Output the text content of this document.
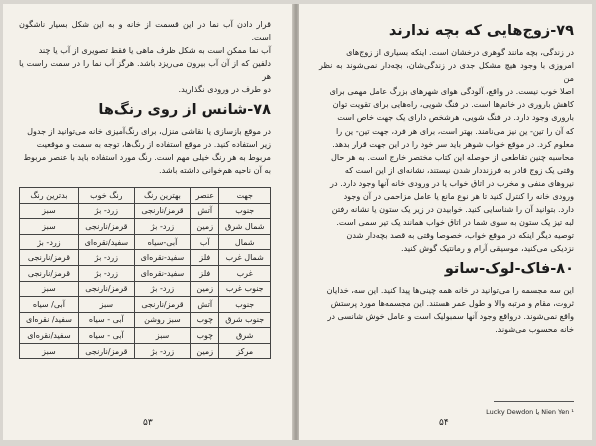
قرار دادن آب نما در این قسمت از خانه و به این شکل بسیار ناشگون است.
آب نما ممکن است به شکل ظرف ماهی یا فقط تصویری از آب یا چند
دلفین که از آن آب بیرون می‌ریزد باشد. هرگز آب نما را در سمت راست یا هر
دو طرف در ورودی نگذارید.

۷۸-شانس از روی رنگ‌ها

در موقع بازسازی یا نقاشی منزل، برای رنگ‌آمیزی خانه می‌توانید از جدول
زیر استفاده کنید. در موقع استفاده از رنگ‌ها، توجه به سمت و موقعیت
مربوط به هر رنگ خیلی مهم است. رنگ مورد استفاده باید با عنصر مربوط
به آن ناحیه هم‌خوانی داشته باشد.

جهت	عنصر	بهترین رنگ	رنگ خوب	بدترین رنگ
جنوب	آتش	قرمز/نارنجی	زرد- بژ	سبز
شمال شرق	زمین	زرد- بژ	قرمز/نارنجی	سبز
شمال	آب	آبی-سیاه	سفید/نقره‌ای	زرد- بژ
شمال غرب	فلز	سفید-نقره‌ای	زرد- بژ	قرمز/نارنجی
غرب	فلز	سفید-نقره‌ای	زرد- بژ	قرمز/نارنجی
جنوب غرب	زمین	زرد- بژ	قرمز/نارنجی	سبز
جنوب	آتش	قرمز/نارنجی	سبز	آبی/ سیاه
جنوب شرق	چوب	سبز روشن	آبی - سیاه	سفید/ نقره‌ای
شرق	چوب	سبز	آبی - سیاه	سفید/نقره‌ای
مرکز	زمین	زرد- بژ	قرمز/نارنجی	سبز
۵۳
۷۹-زوج‌هایی که بچه ندارند

در زندگی، بچه مانند گوهری درخشان است. اینکه بسیاری از زوج‌های
امروزی با وجود هیچ مشکل جدی در زندگی‌شان، بچه‌دار نمی‌شوند به نظر من
اصلا خوب نیست. در واقع، آلودگی هوای شهرهای بزرگ عامل مهمی برای
کاهش باروری در خانم‌ها است. در فنگ شویی، راه‌هایی برای تقویت توان
باروری وجود دارد. در فنگ شویی، هرشخص دارای یک جهت خاص است
که آن را تین- ین نیز می‌نامند. بهتر است، برای هر فرد، جهت تین- ین را
معلوم کرد. در موقع خواب شوهر باید سر خود را در این جهت قرار بدهد.
محاسبه چنین تقاطعی از حوصله این کتاب مختصر خارج است. به هر حال
وقتی یک زوج قادر به فرزنددار شدن نیستند، نشانه‌ای از این است که
نیروهای منفی و مخرب در اتاق خواب یا در ورودی خانه آنها وجود دارد. در
ورودی خانه را کنترل کنید تا هر نوع مانع یا عامل مزاحمی در آن وجود
دارد. بتوانید آن را شناسایی کنید. خوابیدن در زیر یک ستون یا نشانه رفتن
لبه تیز یک ستون به سوی شما در اتاق خواب همانند یک تیر سمی است.
توصیه دیگر اینکه در موقع خواب، خصوصا وقتی به قصد بچه‌دار شدن
نزدیکی می‌کنید، موسیقی آرام و رمانتیک گوش کنید.

۸۰-فاک-لوک-ساتو

این سه مجسمه را می‌توانید در خانه همه چینی‌ها پیدا کنید. این سه، خدایان
ثروت، مقام و مرتبه والا و طول عمر هستند. این مجسمه‌ها مورد پرستش
واقع نمی‌شوند. درواقع وجود آنها سمبولیک است و عامل خوش شانسی در
خانه محسوب می‌شوند.

Lucky Dewdon یا Nien Yen ¹
۵۴
